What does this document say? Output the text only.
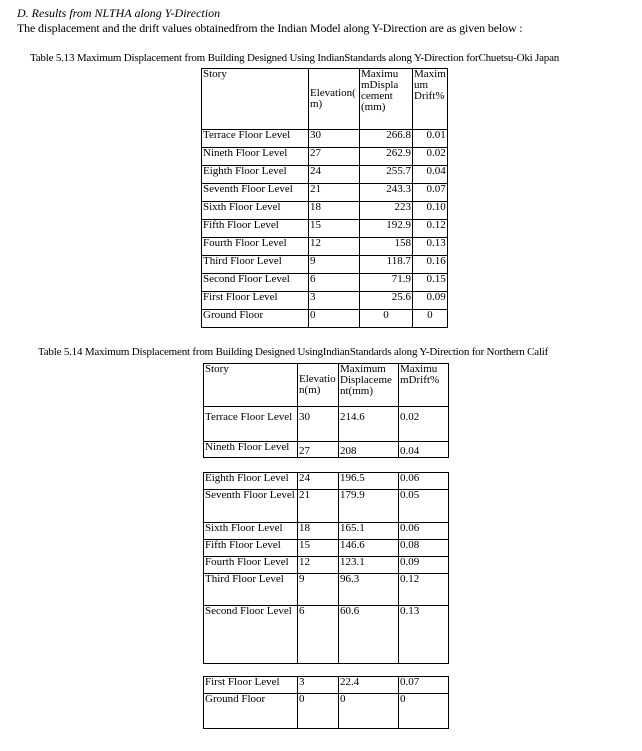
D. Results from NLTHA along Y-Direction
The displacement and the drift values obtainedfrom the Indian Model along Y-Direction are as given below :
Table 5.13 Maximum Displacement from Building Designed Using IndianStandards along Y-Direction forChuetsu-Oki Japan
Story	Elevation( m)	Maximu mDispla cement (mm)	Maxim um Drift%
Terrace Floor Level	30	266.8	0.01
Nineth Floor Level	27	262.9	0.02
Eighth Floor Level	24	255.7	0.04
Seventh Floor Level	21	243.3	0.07
Sixth Floor Level	18	223	0.10
Fifth Floor Level	15	192.9	0.12
Fourth Floor Level	12	158	0.13
Third Floor Level	9	118.7	0.16
Second Floor Level	6	71.9	0.15
First Floor Level	3	25.6	0.09
Ground Floor	0	0	0
Table 5.14 Maximum Displacement from Building Designed UsingIndianStandards along Y-Direction for Northern Calif
Story	Elevatio n(m)	Maximum Displaceme nt(mm)	Maximu mDrift%
Terrace Floor Level	30	214.6	0.02
Nineth Floor Level	27	208	0.04
Eighth Floor Level	24	196.5	0.06
Seventh Floor Level	21	179.9	0.05
Sixth Floor Level	18	165.1	0.06
Fifth Floor Level	15	146.6	0.08
Fourth Floor Level	12	123.1	0.09
Third Floor Level	9	96.3	0.12
Second Floor Level	6	60.6	0.13
First Floor Level	3	22.4	0.07
Ground Floor	0	0	0
